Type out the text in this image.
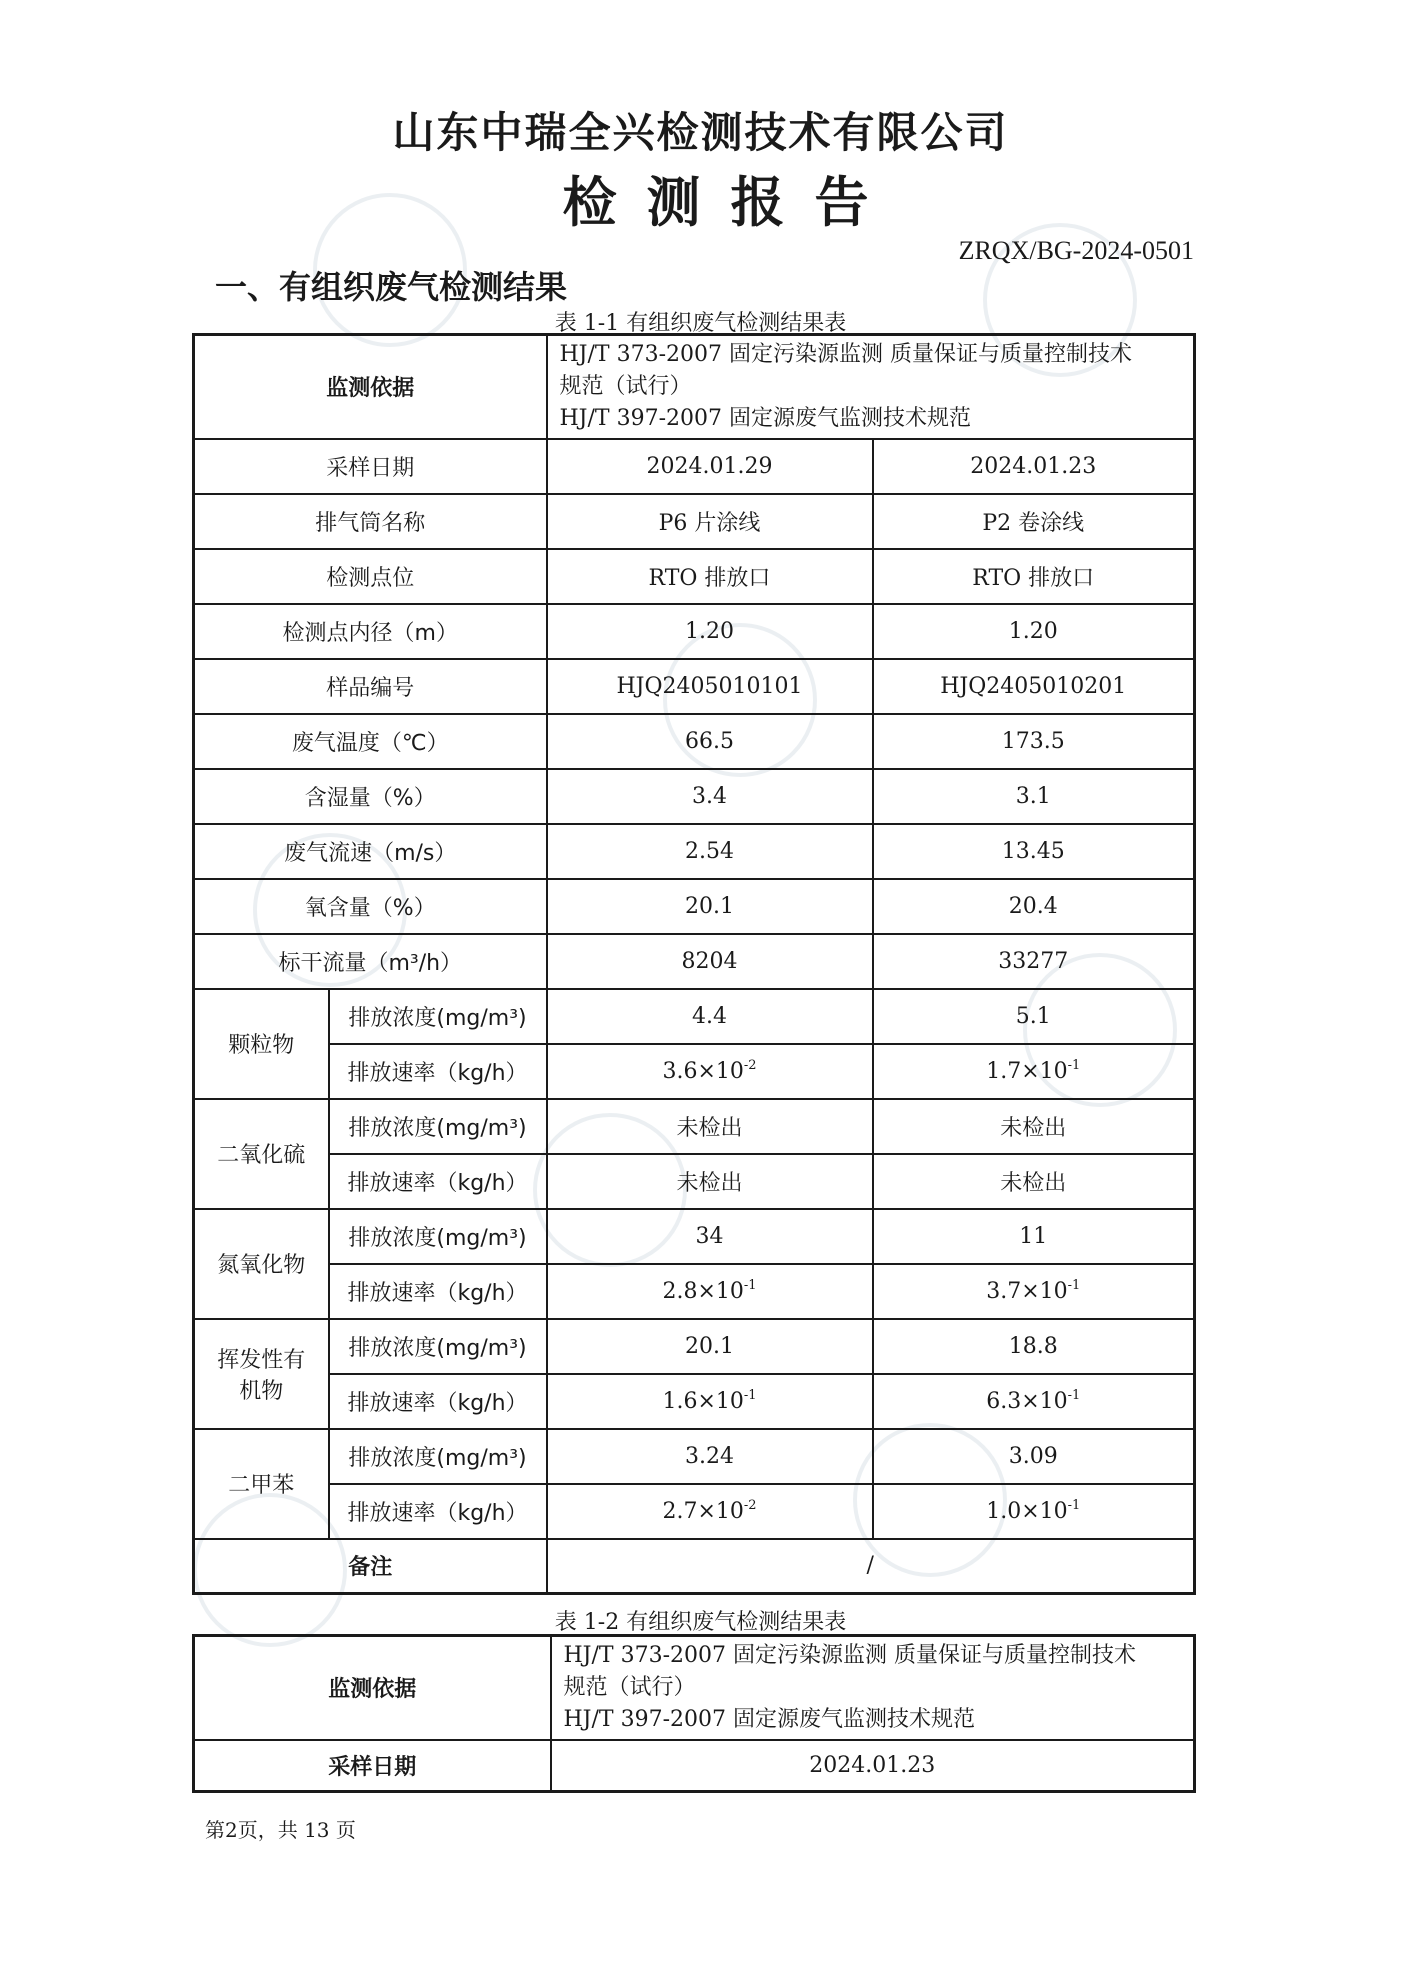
山东中瑞全兴检测技术有限公司
检测报告
ZRQX/BG-2024-0501
一、有组织废气检测结果
表 1-1 有组织废气检测结果表
监测依据		HJ/T 373-2007 固定污染源监测 质量保证与质量控制技术
规范（试行）
HJ/T 397-2007 固定源废气监测技术规范	

采样日期		2024.01.29	2024.01.23
排气筒名称		P6 片涂线	P2 卷涂线
检测点位		RTO 排放口	RTO 排放口
检测点内径（m）		1.20	1.20
样品编号		HJQ2405010101	HJQ2405010201
废气温度（℃）		66.5	173.5
含湿量（%）		3.4	3.1
废气流速（m/s）		2.54	13.45
氧含量（%）		20.1	20.4
标干流量（m³/h）		8204	33277
颗粒物	排放浓度(mg/m³)	4.4	5.1
	排放速率（kg/h）	$3.6\times 10^{-2}$	$1.7\times 10^{-1}$
二氧化硫	排放浓度(mg/m³)	未检出	未检出
	排放速率（kg/h）	未检出	未检出
氮氧化物	排放浓度(mg/m³)	34	11
	排放速率（kg/h）	$2.8\times 10^{-1}$	$3.7\times 10^{-1}$
挥发性有机物	排放浓度(mg/m³)	20.1	18.8
	排放速率（kg/h）	$1.6\times 10^{-1}$	$6.3\times 10^{-1}$
二甲苯	排放浓度(mg/m³)	3.24	3.09
	排放速率（kg/h）	$2.7\times 10^{-2}$	$1.0\times 10^{-1}$
备注		/	
表 1-2 有组织废气检测结果表
监测依据	HJ/T 373-2007 固定污染源监测 质量保证与质量控制技术
规范（试行）
HJ/T 397-2007 固定源废气监测技术规范

采样日期	2024.01.23
第2页，共 13 页
